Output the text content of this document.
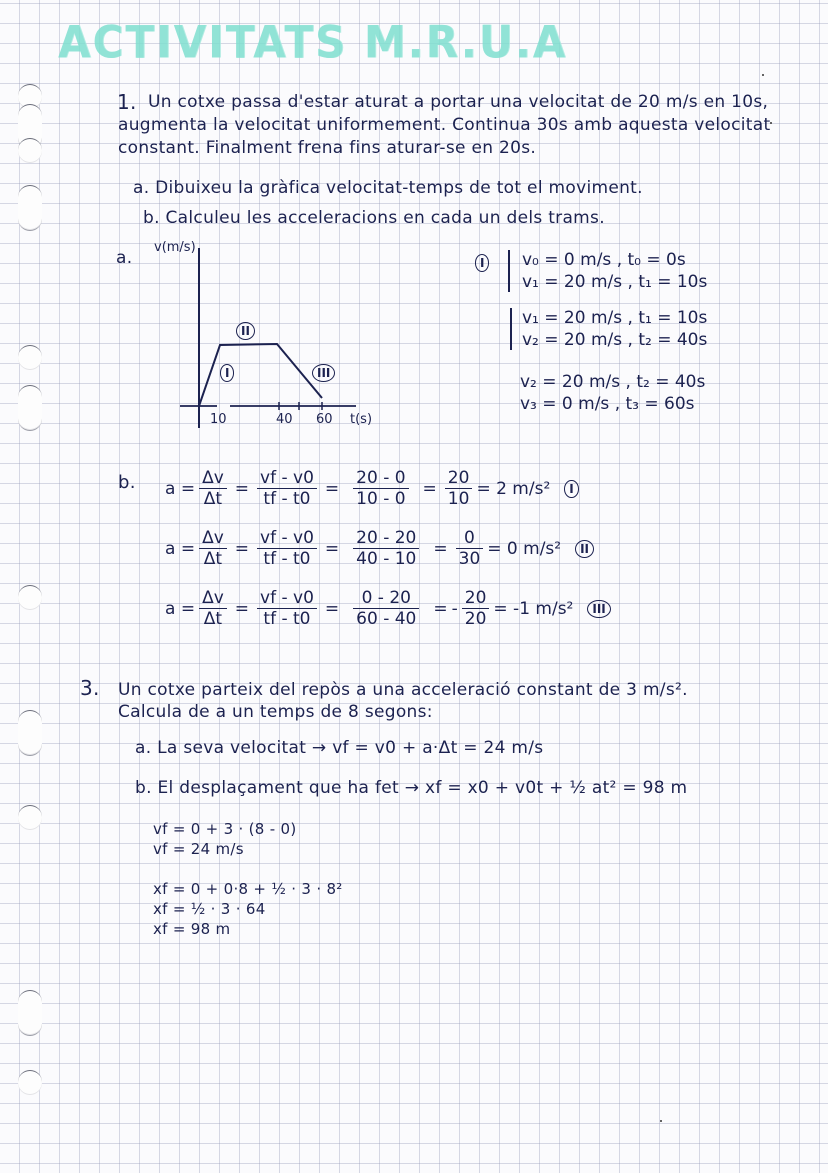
ACTIVITATS M.R.U.A
1. Un cotxe passa d'estar aturat a portar una velocitat de 20 m/s en 10s,
augmenta la velocitat uniformement. Continua 30s amb aquesta velocitat
constant. Finalment frena fins aturar-se en 20s.
a. Dibuixeu la gràfica velocitat-temps de tot el moviment.
b. Calculeu les acceleracions en cada un dels trams.
a.
v(m/s)
10	40 60 t(s)
I
II
III
I v₀ = 0 m/s , t₀ = 0s
v₁ = 20 m/s , t₁ = 10s
v₁ = 20 m/s , t₁ = 10s
v₂ = 20 m/s , t₂ = 40s
v₂ = 20 m/s , t₂ = 40s
v₃ = 0 m/s , t₃ = 60s
b. $a = \frac{\Delta v}{\Delta t} = \frac{vf - v0}{tf - t0} = \frac{20 - 0}{10 - 0} = \frac{20}{10} = 2$ m/s²	I
$a = \frac{\Delta v}{\Delta t} = \frac{vf - v0}{tf - t0} = \frac{20 - 20}{40 - 10} = \frac{0}{30} = 0$ m/s²	II
$a = \frac{\Delta v}{\Delta t} = \frac{vf - v0}{tf - t0} = \frac{0 - 20}{60 - 40}$ = - $\frac{20}{20} = -1$ m/s²	III
3. Un cotxe parteix del repòs a una acceleració constant de 3 m/s².
Calcula de a un temps de 8 segons:
a. La seva velocitat → vf = v0 + a·Δt = 24 m/s
b. El desplaçament que ha fet → xf = x0 + v0t + ½ at² = 98 m
vf = 0 + 3 · (8 - 0)
vf = 24 m/s
xf = 0 + 0·8 + ½ · 3 · 8²
xf = ½ · 3 · 64
xf = 98 m
